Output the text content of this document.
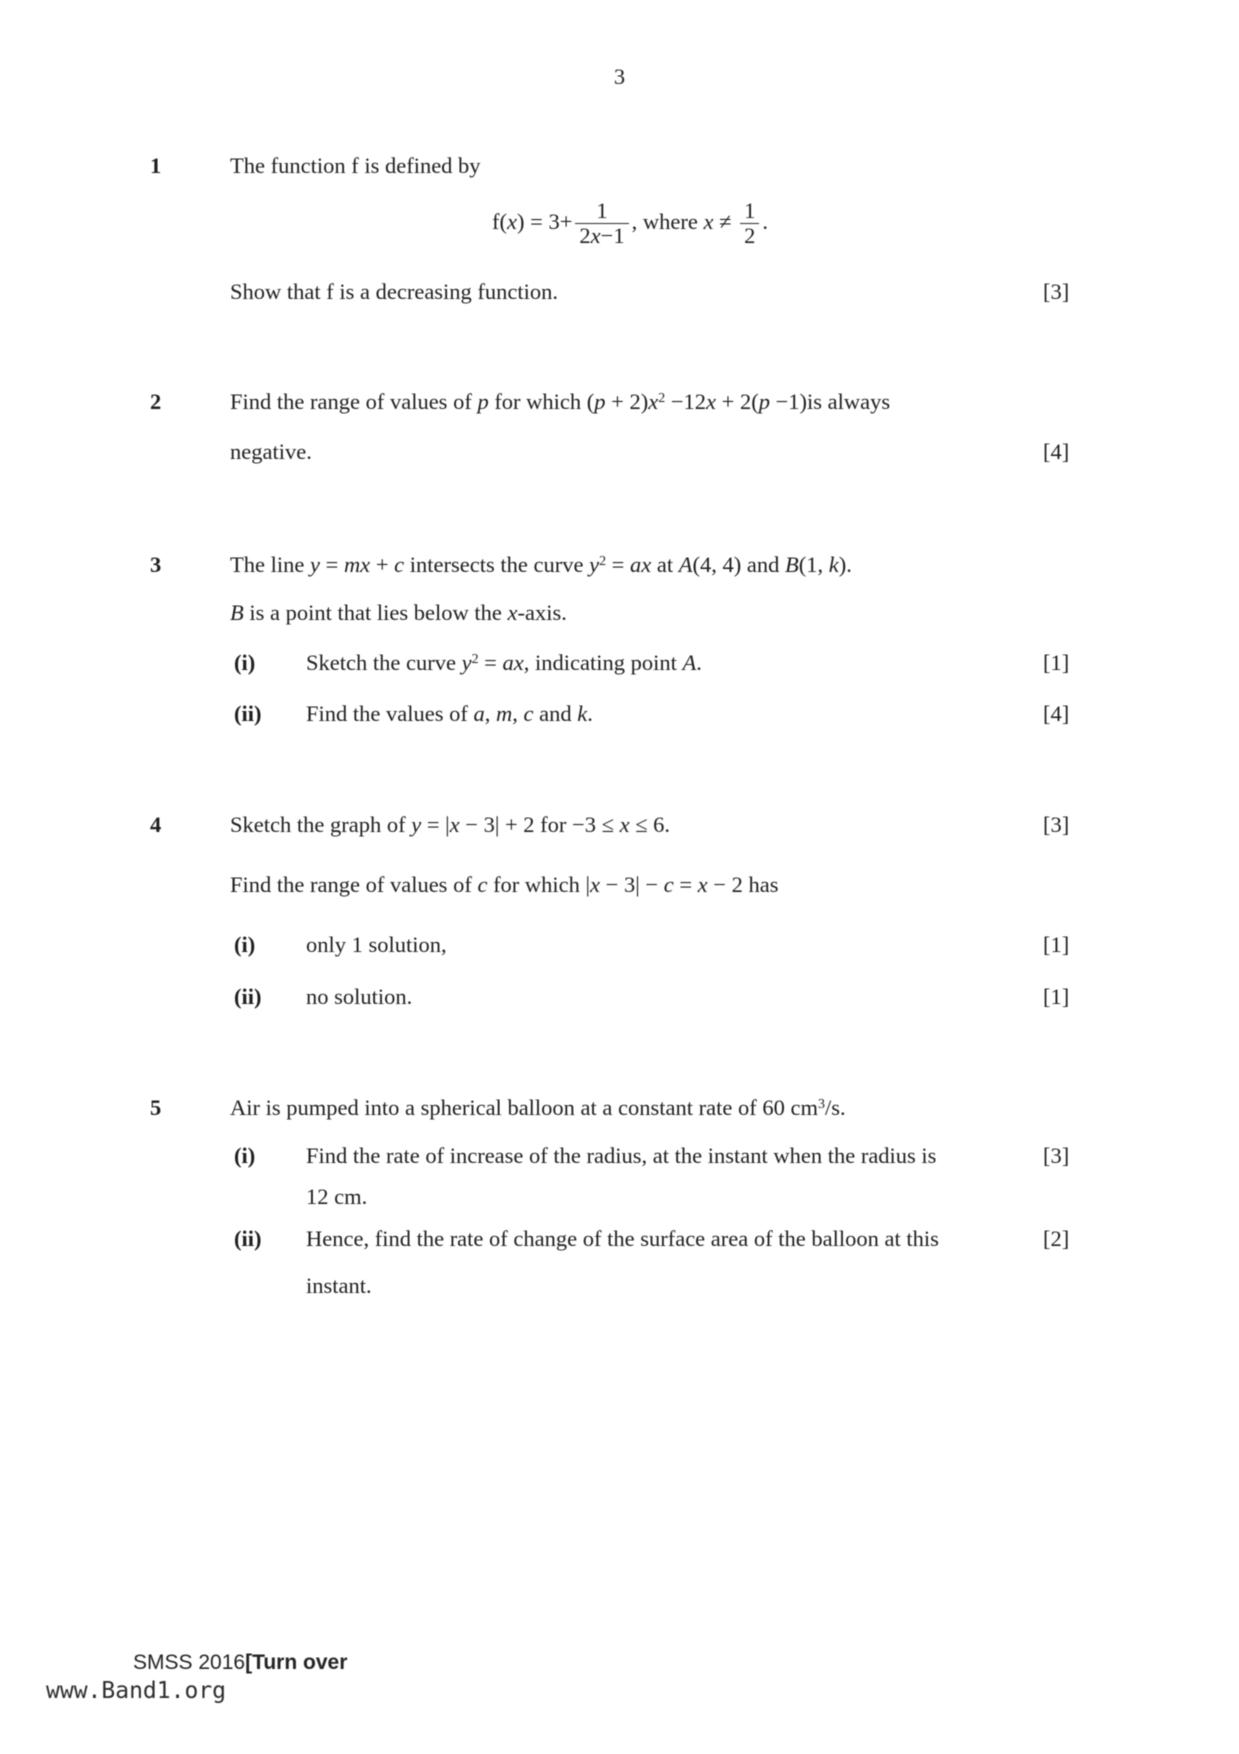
3
1	The function f is defined by
$f(x) = 3+ \frac{1}{2x-1}$ , where $x \ne \frac{1}{2}$ .
Show that f is a decreasing function.	[3]
2	Find the range of values of p for which $(p + 2)x^2 -12x + 2(p -1)is$ always
negative.	[4]
3	The line y = mx + c intersects the curve $y^2$ = ax at A(4, 4) and B(1, k).
B is a point that lies below the x-axis.
(i) Sketch the curve $y^2$ = ax, indicating point A.	[1]
(ii) Find the values of a, m, c and k.	[4]
4	Sketch the graph of y = |x − 3| + 2 for −3 ≤ x ≤ 6.	[3]
Find the range of values of c for which |x − 3| − c = x − 2 has
(i) only 1 solution,	[1]
(ii) no solution.	[1]
5	Air is pumped into a spherical balloon at a constant rate of 60 $cm^3/s$.
(i) Find the rate of increase of the radius, at the instant when the radius is	[3]
12 cm.
(ii) Hence, find the rate of change of the surface area of the balloon at this	[2]
instant.
SMSS 2016[Turn over
www.Band1.org
